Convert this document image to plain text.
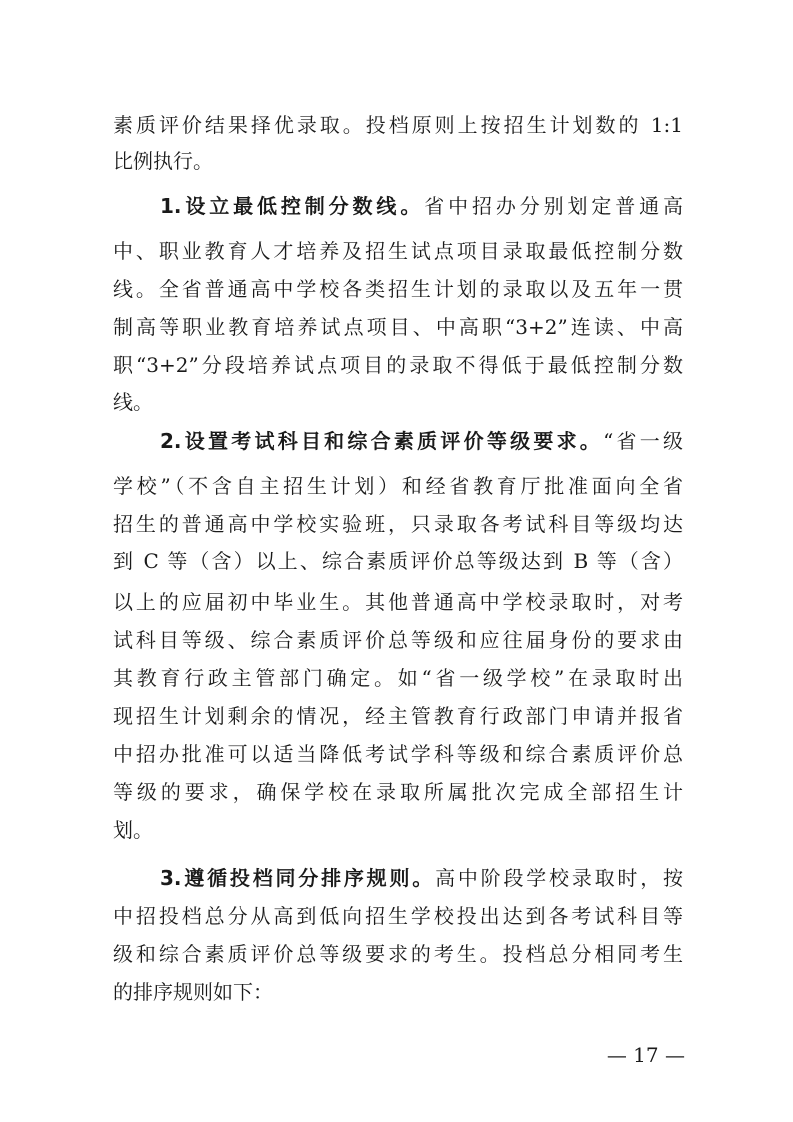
素质评价结果择优录取。投档原则上按招生计划数的 1:1
比例执行。
1.设立最低控制分数线。省中招办分别划定普通高
中、职业教育人才培养及招生试点项目录取最低控制分数
线。全省普通高中学校各类招生计划的录取以及五年一贯
制高等职业教育培养试点项目、中高职“3+2”连读、中高
职“3+2”分段培养试点项目的录取不得低于最低控制分数
线。
2.设置考试科目和综合素质评价等级要求。“省一级
学校”（不含自主招生计划）和经省教育厅批准面向全省
招生的普通高中学校实验班，只录取各考试科目等级均达
到 C 等（含）以上、综合素质评价总等级达到 B 等（含）
以上的应届初中毕业生。其他普通高中学校录取时，对考
试科目等级、综合素质评价总等级和应往届身份的要求由
其教育行政主管部门确定。如“省一级学校”在录取时出
现招生计划剩余的情况，经主管教育行政部门申请并报省
中招办批准可以适当降低考试学科等级和综合素质评价总
等级的要求，确保学校在录取所属批次完成全部招生计
划。
3.遵循投档同分排序规则。高中阶段学校录取时，按
中招投档总分从高到低向招生学校投出达到各考试科目等
级和综合素质评价总等级要求的考生。投档总分相同考生
的排序规则如下：
— 17 —
